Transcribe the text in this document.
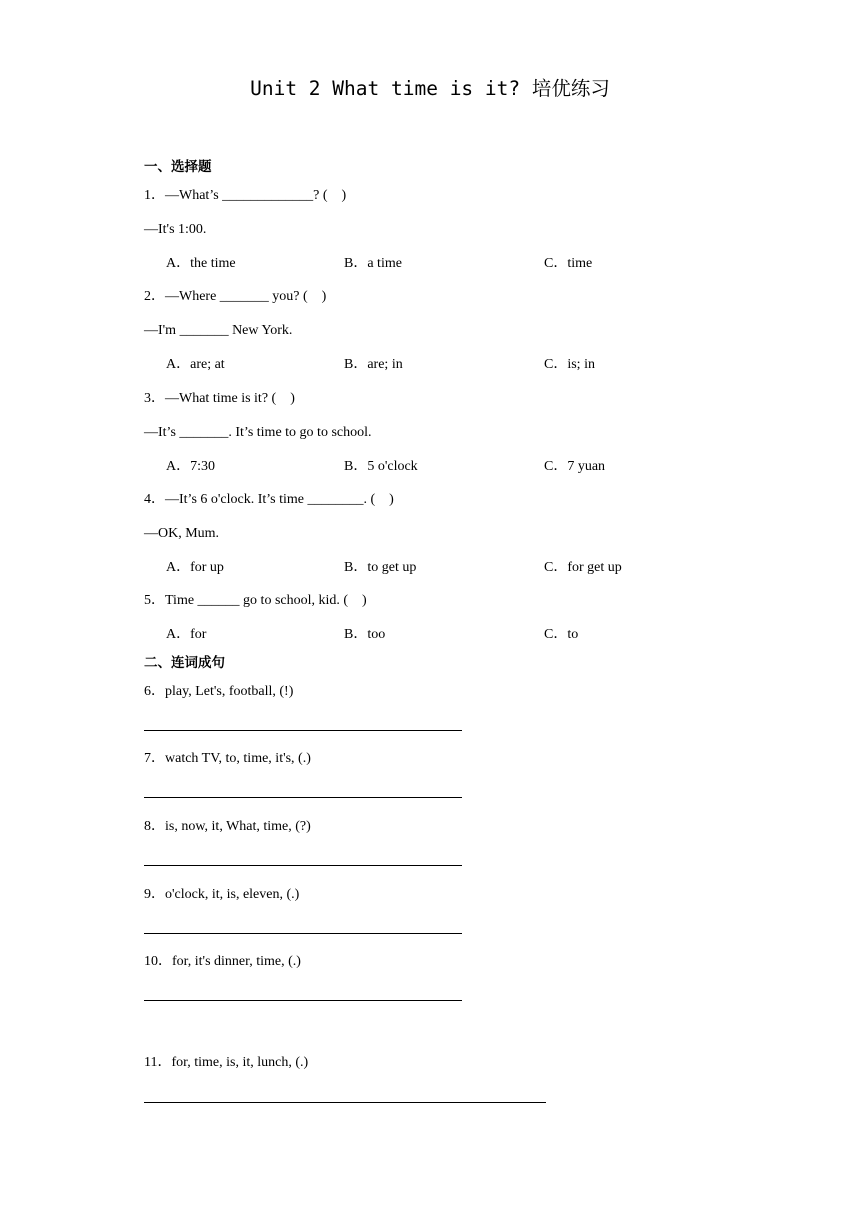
Unit 2 What time is it? 培优练习
一、选择题
1．—What’s _____________? (    )
—It's 1:00.
A．the time	B．a time	C．time
2．—Where _______ you? (    )
—I'm _______ New York.
A．are; at	B．are; in	C．is; in
3．—What time is it? (    )
—It’s _______. It’s time to go to school.
A．7:30	B．5 o'clock	C．7 yuan
4．—It’s 6 o'clock. It’s time ________. (    )
—OK, Mum.
A．for up	B．to get up	C．for get up
5．Time ______ go to school, kid. (    )
A．for	B．too	C．to
二、连词成句
6．play, Let's, football, (!)
7．watch TV, to, time, it's, (.)
8．is, now, it, What, time, (?)
9．o'clock, it, is, eleven, (.)
10．for, it's dinner, time, (.)
11．for, time, is, it, lunch, (.)
